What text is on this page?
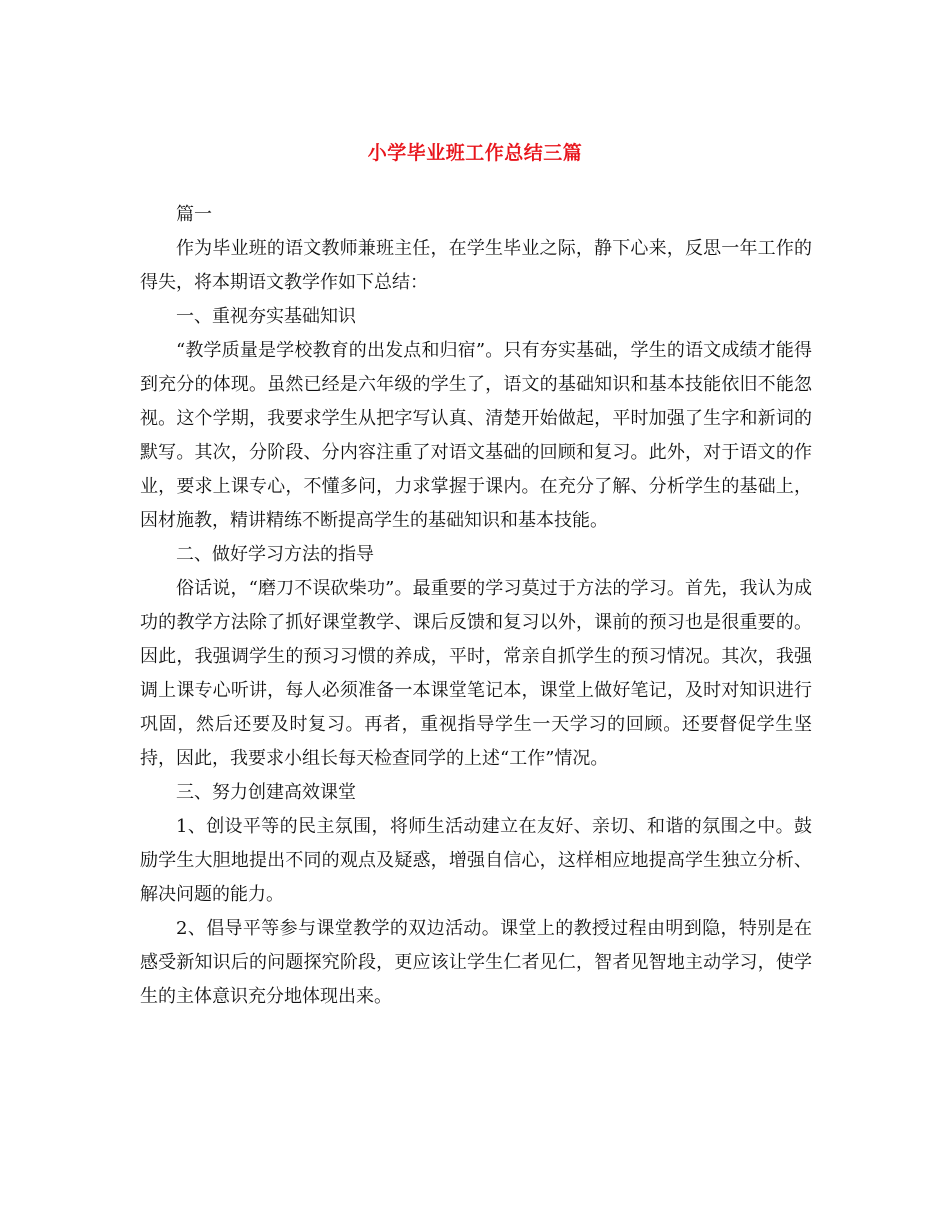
小学毕业班工作总结三篇

篇一

作为毕业班的语文教师兼班主任，在学生毕业之际，静下心来，反思一年工作的得失，将本期语文教学作如下总结：

一、重视夯实基础知识

“教学质量是学校教育的出发点和归宿”。只有夯实基础，学生的语文成绩才能得到充分的体现。虽然已经是六年级的学生了，语文的基础知识和基本技能依旧不能忽视。这个学期，我要求学生从把字写认真、清楚开始做起，平时加强了生字和新词的默写。其次，分阶段、分内容注重了对语文基础的回顾和复习。此外，对于语文的作业，要求上课专心，不懂多问，力求掌握于课内。在充分了解、分析学生的基础上，因材施教，精讲精练不断提高学生的基础知识和基本技能。

二、做好学习方法的指导

俗话说，“磨刀不误砍柴功”。最重要的学习莫过于方法的学习。首先，我认为成功的教学方法除了抓好课堂教学、课后反馈和复习以外，课前的预习也是很重要的。因此，我强调学生的预习习惯的养成，平时，常亲自抓学生的预习情况。其次，我强调上课专心听讲，每人必须准备一本课堂笔记本，课堂上做好笔记，及时对知识进行巩固，然后还要及时复习。再者，重视指导学生一天学习的回顾。还要督促学生坚持，因此，我要求小组长每天检查同学的上述“工作”情况。

三、努力创建高效课堂

1、创设平等的民主氛围，将师生活动建立在友好、亲切、和谐的氛围之中。鼓励学生大胆地提出不同的观点及疑惑，增强自信心，这样相应地提高学生独立分析、解决问题的能力。

2、倡导平等参与课堂教学的双边活动。课堂上的教授过程由明到隐，特别是在感受新知识后的问题探究阶段，更应该让学生仁者见仁，智者见智地主动学习，使学生的主体意识充分地体现出来。
